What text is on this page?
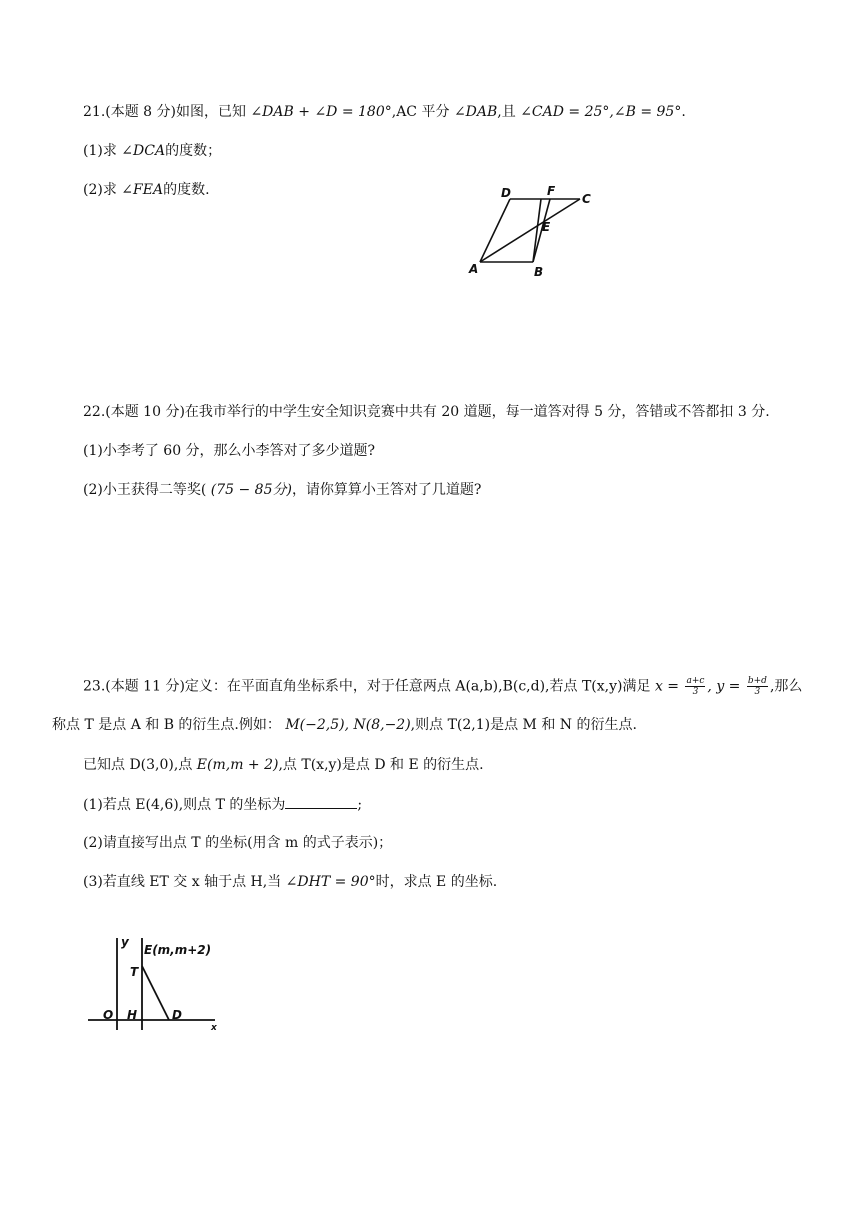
21.(本题 8 分)如图，已知 ∠DAB + ∠D = 180°,AC 平分 ∠DAB,且 ∠CAD = 25°,∠B = 95°.
(1)求 ∠DCA的度数；
(2)求 ∠FEA的度数.	D	F
C
E
A	B
22.(本题 10 分)在我市举行的中学生安全知识竞赛中共有 20 道题，每一道答对得 5 分，答错或不答都扣 3 分.
(1)小李考了 60 分，那么小李答对了多少道题?
(2)小王获得二等奖( (75 − 85分)，请你算算小王答对了几道题?
23.(本题 11 分)定义：在平面直角坐标系中，对于任意两点 A(a,b),B(c,d),若点 T(x,y)满足 $x = \frac{a+c}{3}$ , $y = \frac{b+d}{3}$ ,那么
称点 T 是点 A 和 B 的衍生点.例如： M(−2,5), N(8,−2),则点 T(2,1)是点 M 和 N 的衍生点.
已知点 D(3,0),点 E(m,m + 2),点 T(x,y)是点 D 和 E 的衍生点.
(1)若点 E(4,6),则点 T 的坐标为	;
(2)请直接写出点 T 的坐标(用含 m 的式子表示)；
(3)若直线 ET 交 x 轴于点 H,当 ∠DHT = 90°时，求点 E 的坐标.
y
E(m,m+2)
T
O H	D
x
